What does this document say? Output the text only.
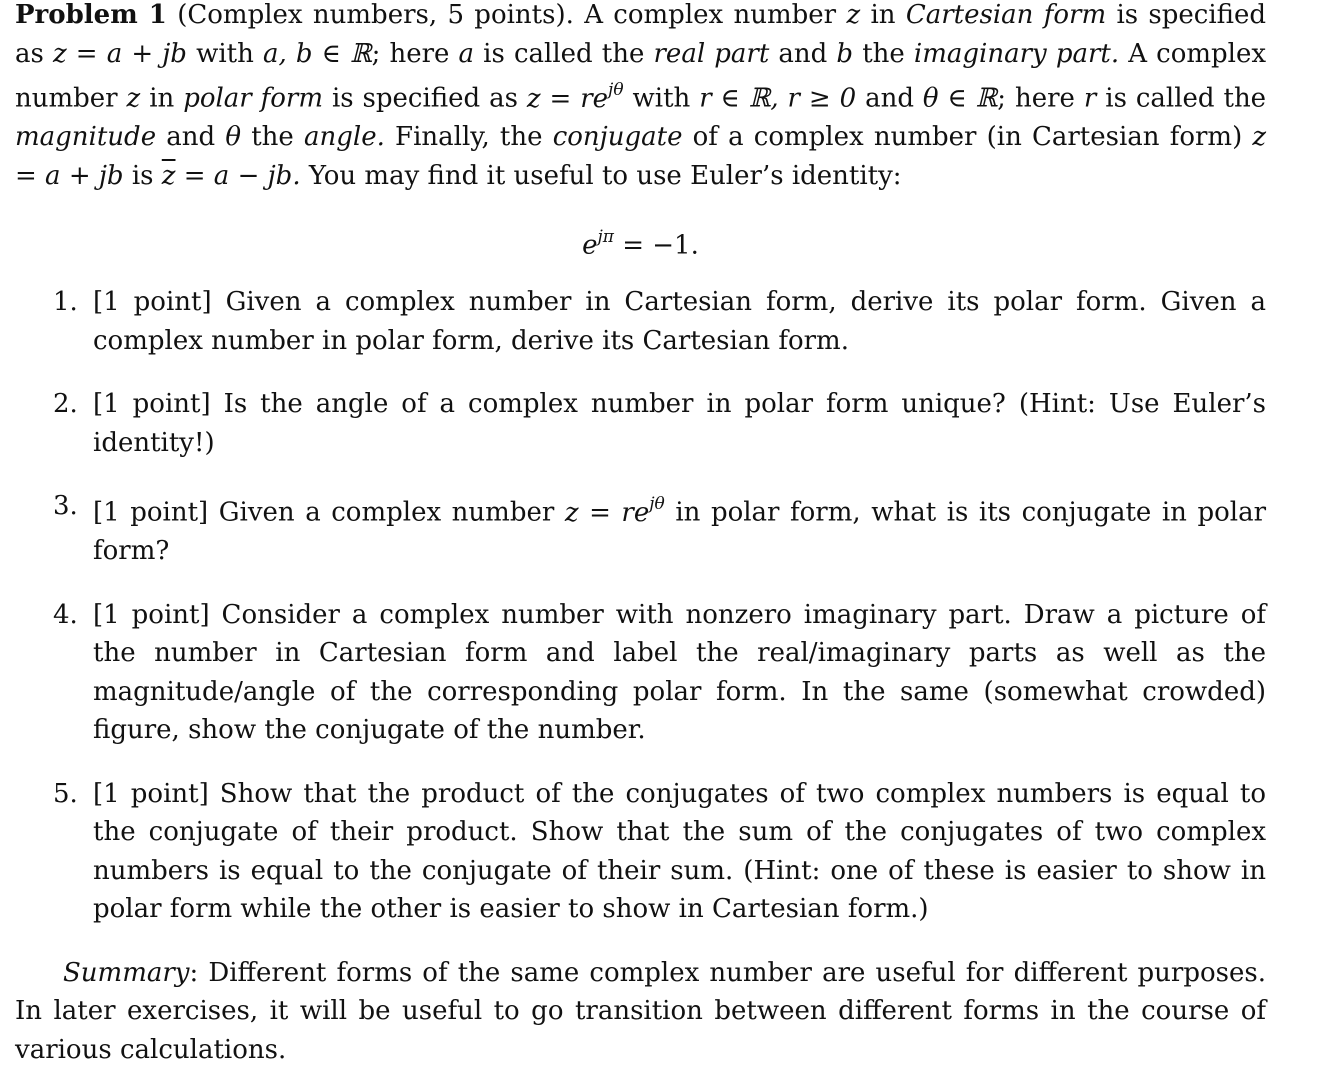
Problem 1 (Complex numbers, 5 points). A complex number z in Cartesian form is specified as z = a + jb with a, b ∈ ℝ; here a is called the real part and b the imaginary part. A complex number z in polar form is specified as $z = re^{j\theta}$ with r ∈ ℝ, r ≥ 0 and θ ∈ ℝ; here r is called the magnitude and θ the angle. Finally, the conjugate of a complex number (in Cartesian form) z = a + jb is $\overline{z} = a$ − jb. You may find it useful to use Euler’s identity:

$e^{j\pi} = -1$.
1. [1 point] Given a complex number in Cartesian form, derive its polar form. Given a complex number in polar form, derive its Cartesian form.
2. [1 point] Is the angle of a complex number in polar form unique? (Hint: Use Euler’s identity!)
3. [1 point] Given a complex number $z = re^{j\theta}$ in polar form, what is its conjugate in polar form?
4. [1 point] Consider a complex number with nonzero imaginary part. Draw a picture of the number in Cartesian form and label the real/imaginary parts as well as the magnitude/angle of the corresponding polar form. In the same (somewhat crowded) figure, show the conjugate of the number.
5. [1 point] Show that the product of the conjugates of two complex numbers is equal to the conjugate of their product. Show that the sum of the conjugates of two complex numbers is equal to the conjugate of their sum. (Hint: one of these is easier to show in polar form while the other is easier to show in Cartesian form.)

Summary: Different forms of the same complex number are useful for different purposes. In later exercises, it will be useful to go transition between different forms in the course of various calculations.
